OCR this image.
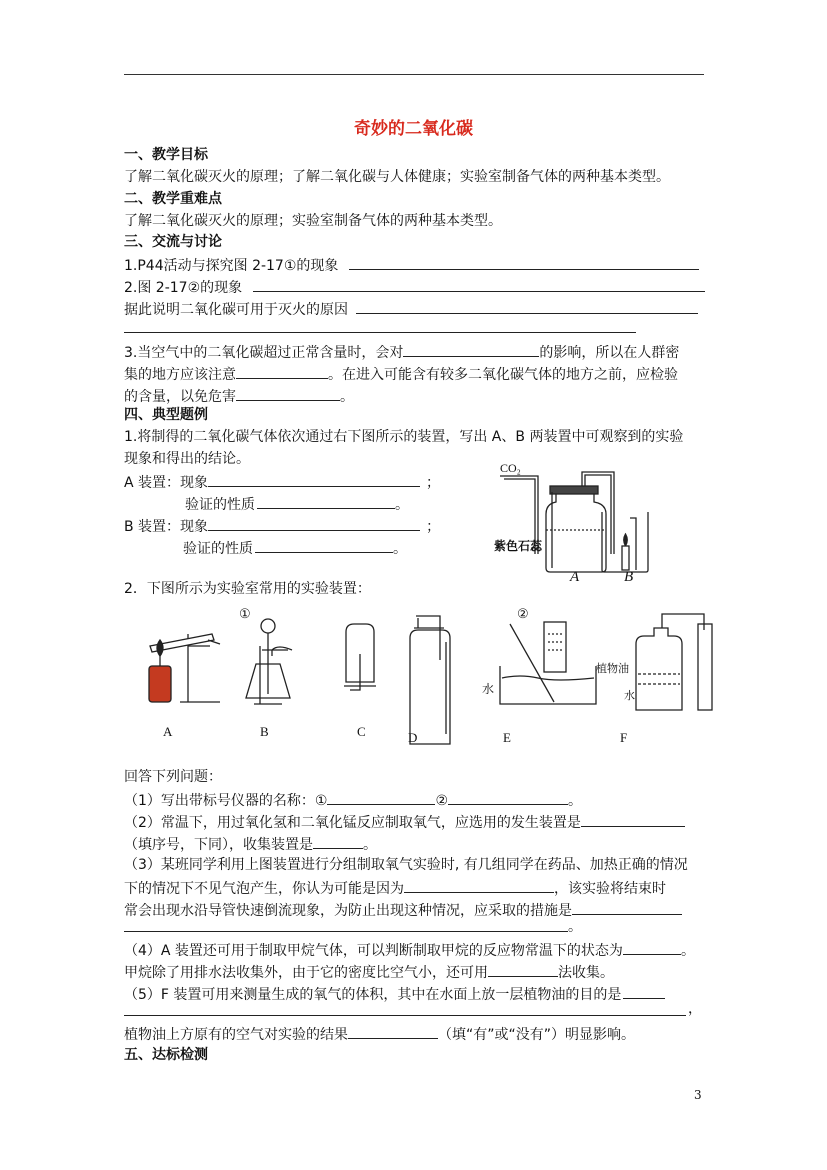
奇妙的二氧化碳
一、教学目标
了解二氧化碳灭火的原理；了解二氧化碳与人体健康；实验室制备气体的两种基本类型。
二、教学重难点
了解二氧化碳灭火的原理；实验室制备气体的两种基本类型。
三、交流与讨论
1.P44活动与探究图 2-17①的现象
2.图 2-17②的现象
据此说明二氧化碳可用于灭火的原因
3.当空气中的二氧化碳超过正常含量时，会对	的影响，所以在人群密
集的地方应该注意	。在进入可能含有较多二氧化碳气体的地方之前，应检验
的含量，以免危害	。
四、典型题例
1.将制得的二氧化碳气体依次通过右下图所示的装置，写出 A、B 两装置中可观察到的实验
现象和得出的结论。
A 装置：现象	；
验证的性质	。
B 装置：现象	；
验证的性质	。
CO₂
紫色石蕊
A	B
2．下图所示为实验室常用的实验装置：
①	②
水
植物油
水
A	B	C	D	E	F
回答下列问题：
（1）写出带标号仪器的名称：①	②	。
（2）常温下，用过氧化氢和二氧化锰反应制取氧气，应选用的发生装置是
（填序号，下同），收集装置是	。
（3）某班同学利用上图装置进行分组制取氧气实验时, 有几组同学在药品、加热正确的情况
下的情况下不见气泡产生，你认为可能是因为	，该实验将结束时
常会出现水沿导管快速倒流现象，为防止出现这种情况，应采取的措施是
。
（4）A 装置还可用于制取甲烷气体，可以判断制取甲烷的反应物常温下的状态为	。
甲烷除了用排水法收集外，由于它的密度比空气小，还可用	法收集。
（5）F 装置可用来测量生成的氧气的体积，其中在水面上放一层植物油的目的是
，
植物油上方原有的空气对实验的结果	（填“有”或“没有”）明显影响。
五、达标检测
3
